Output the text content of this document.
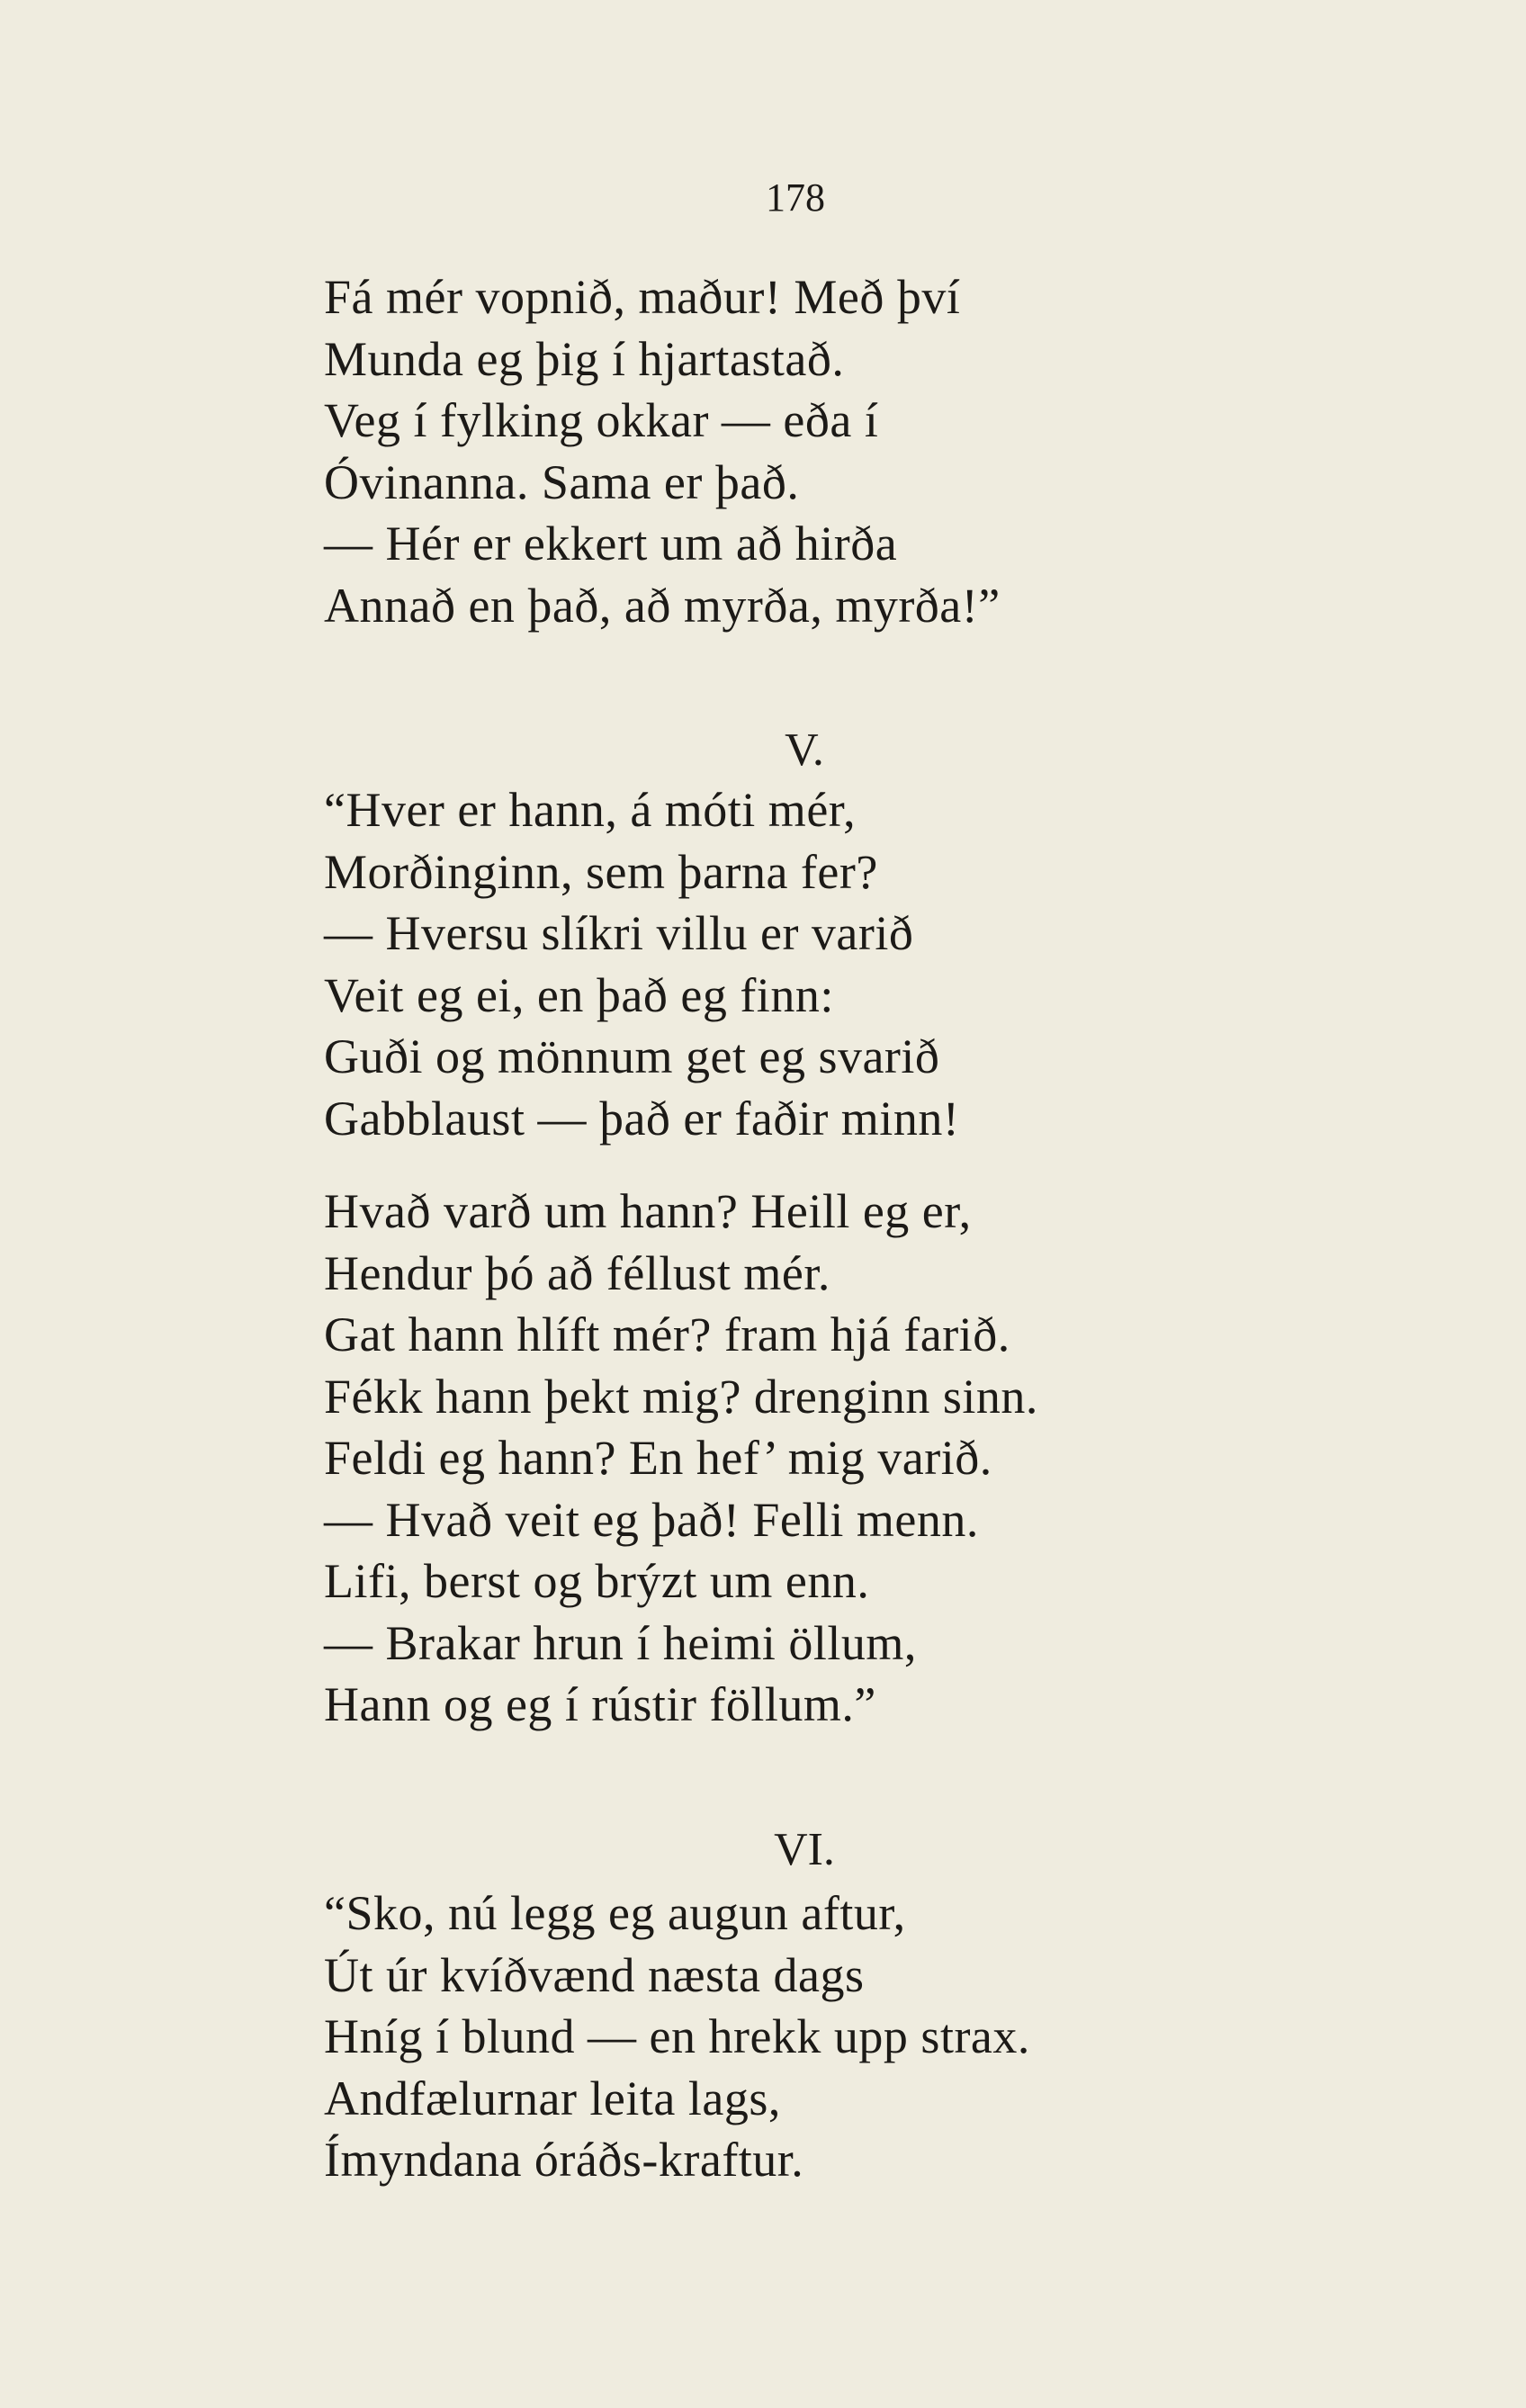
178
Fá mér vopnið, maður! Með því
Munda eg þig í hjartastað.
Veg í fylking okkar — eða í
Óvinanna. Sama er það.
— Hér er ekkert um að hirða
Annað en það, að myrða, myrða!”
V.
“Hver er hann, á móti mér,
Morðinginn, sem þarna fer?
— Hversu slíkri villu er varið
Veit eg ei, en það eg finn:
Guði og mönnum get eg svarið
Gabblaust — það er faðir minn!
Hvað varð um hann? Heill eg er,
Hendur þó að féllust mér.
Gat hann hlíft mér? fram hjá farið.
Fékk hann þekt mig? drenginn sinn.
Feldi eg hann? En hef’ mig varið.
— Hvað veit eg það! Felli menn.
Lifi, berst og brýzt um enn.
— Brakar hrun í heimi öllum,
Hann og eg í rústir föllum.”
VI.
“Sko, nú legg eg augun aftur,
Út úr kvíðvænd næsta dags
Hníg í blund — en hrekk upp strax.
Andfælurnar leita lags,
Ímyndana óráðs-kraftur.
